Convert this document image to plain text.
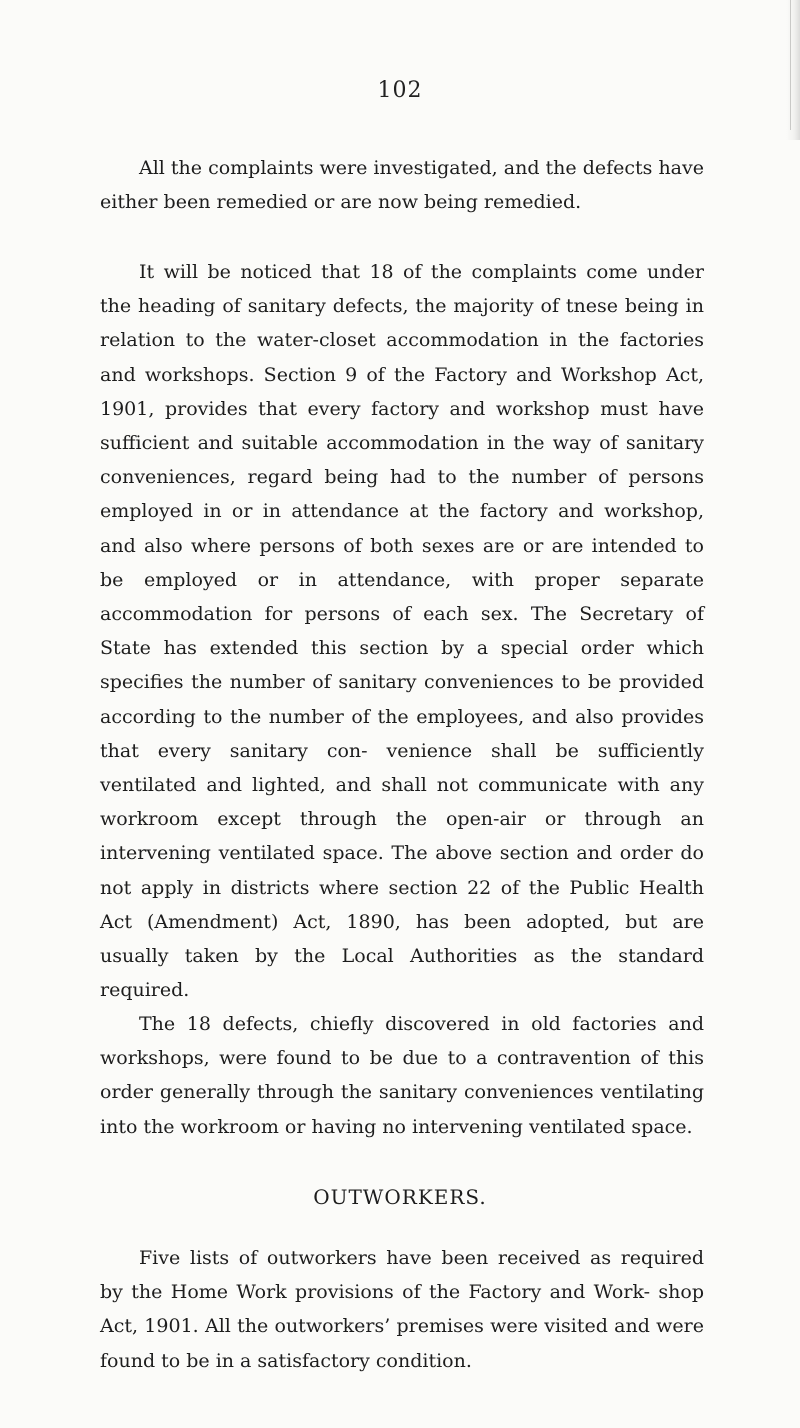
102

All the complaints were investigated, and the defects have either been remedied or are now being remedied.

It will be noticed that 18 of the complaints come under the heading of sanitary defects, the majority of tnese being in relation to the water-closet accommodation in the factories and workshops. Section 9 of the Factory and Workshop Act, 1901, provides that every factory and workshop must have sufficient and suitable accommodation in the way of sanitary conveniences, regard being had to the number of persons employed in or in attendance at the factory and workshop, and also where persons of both sexes are or are intended to be employed or in attendance, with proper separate accommodation for persons of each sex. The Secretary of State has extended this section by a special order which specifies the number of sanitary conveniences to be provided according to the number of the employees, and also provides that every sanitary con- venience shall be sufficiently ventilated and lighted, and shall not communicate with any workroom except through the open-air or through an intervening ventilated space. The above section and order do not apply in districts where section 22 of the Public Health Act (Amendment) Act, 1890, has been adopted, but are usually taken by the Local Authorities as the standard required.

The 18 defects, chiefly discovered in old factories and workshops, were found to be due to a contravention of this order generally through the sanitary conveniences ventilating into the workroom or having no intervening ventilated space.

OUTWORKERS.

Five lists of outworkers have been received as required by the Home Work provisions of the Factory and Work- shop Act, 1901. All the outworkers’ premises were visited and were found to be in a satisfactory condition.
